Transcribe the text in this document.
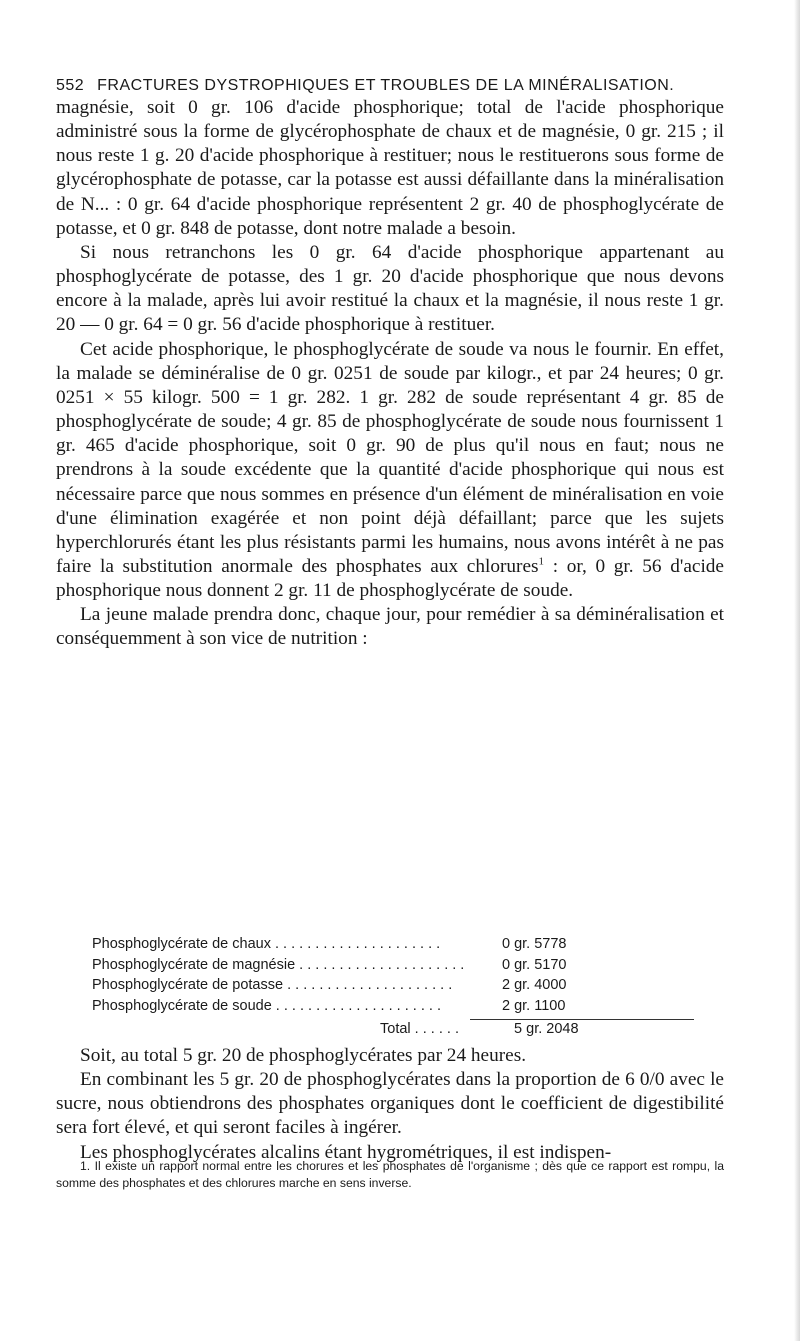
552 FRACTURES DYSTROPHIQUES ET TROUBLES DE LA MINÉRALISATION.

magnésie, soit 0 gr. 106 d'acide phosphorique; total de l'acide phosphorique administré sous la forme de glycérophosphate de chaux et de magnésie, 0 gr. 215 ; il nous reste 1 g. 20 d'acide phosphorique à restituer; nous le restituerons sous forme de glycérophosphate de potasse, car la potasse est aussi défaillante dans la minéralisation de N... : 0 gr. 64 d'acide phosphorique représentent 2 gr. 40 de phosphoglycérate de potasse, et 0 gr. 848 de potasse, dont notre malade a besoin.

Si nous retranchons les 0 gr. 64 d'acide phosphorique appartenant au phosphoglycérate de potasse, des 1 gr. 20 d'acide phosphorique que nous devons encore à la malade, après lui avoir restitué la chaux et la magnésie, il nous reste 1 gr. 20 — 0 gr. 64 = 0 gr. 56 d'acide phosphorique à restituer.

Cet acide phosphorique, le phosphoglycérate de soude va nous le fournir. En effet, la malade se déminéralise de 0 gr. 0251 de soude par kilogr., et par 24 heures; 0 gr. 0251 × 55 kilogr. 500 = 1 gr. 282. 1 gr. 282 de soude représentant 4 gr. 85 de phosphoglycérate de soude; 4 gr. 85 de phosphoglycérate de soude nous fournissent 1 gr. 465 d'acide phosphorique, soit 0 gr. 90 de plus qu'il nous en faut; nous ne prendrons à la soude excédente que la quantité d'acide phosphorique qui nous est nécessaire parce que nous sommes en présence d'un élément de minéralisation en voie d'une élimination exagérée et non point déjà défaillant; parce que les sujets hyperchlorurés étant les plus résistants parmi les humains, nous avons intérêt à ne pas faire la substitution anormale des phosphates aux chlorures$^1$ : or, 0 gr. 56 d'acide phosphorique nous donnent 2 gr. 11 de phosphoglycérate de soude.

La jeune malade prendra donc, chaque jour, pour remédier à sa déminéralisation et conséquemment à son vice de nutrition :

Phosphoglycérate de chaux . . . . . . . . . . . . . . . . . . . . .	0 gr. 5778
Phosphoglycérate de magnésie . . . . . . . . . . . . . . . . . . . . .	0 gr. 5170
Phosphoglycérate de potasse . . . . . . . . . . . . . . . . . . . . .	2 gr. 4000
Phosphoglycérate de soude . . . . . . . . . . . . . . . . . . . . .	2 gr. 1100
Total . . . . . .	5 gr. 2048

Soit, au total 5 gr. 20 de phosphoglycérates par 24 heures.

En combinant les 5 gr. 20 de phosphoglycérates dans la proportion de 6 0/0 avec le sucre, nous obtiendrons des phosphates organiques dont le coefficient de digestibilité sera fort élevé, et qui seront faciles à ingérer.

Les phosphoglycérates alcalins étant hygrométriques, il est indispen-

1. Il existe un rapport normal entre les chorures et les phosphates de l'organisme ; dès que ce rapport est rompu, la somme des phosphates et des chlorures marche en sens inverse.
